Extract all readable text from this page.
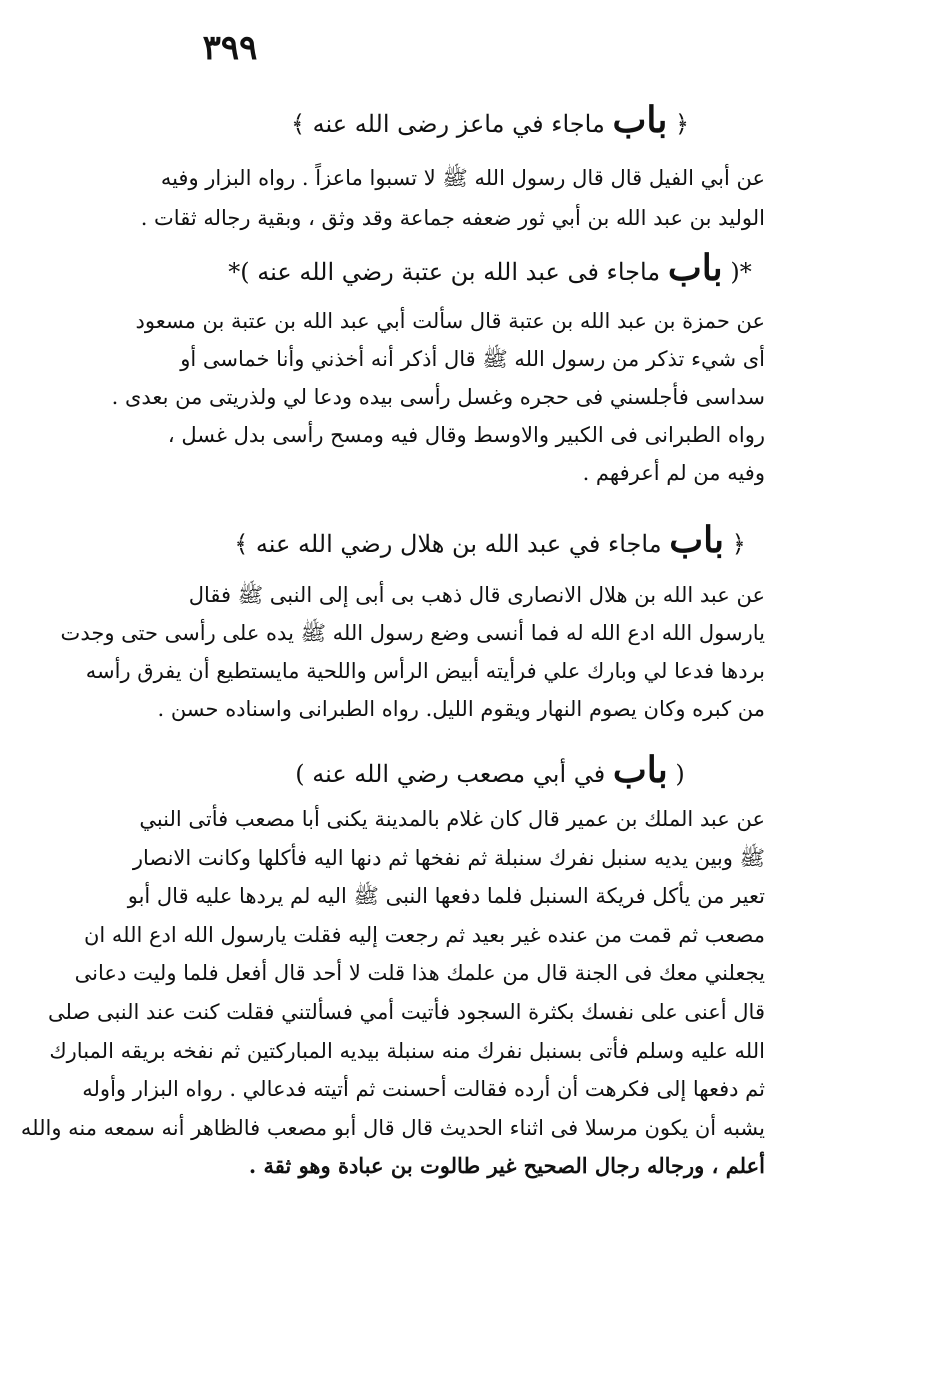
٣٩٩
﴿ باب ماجاء في ماعز رضى الله عنه ﴾
عن أبي الفيل قال قال رسول الله ﷺ لا تسبوا ماعزاً . رواه البزار وفيه
الوليد بن عبد الله بن أبي ثور ضعفه جماعة وقد وثق ، وبقية رجاله ثقات .
*( باب ماجاء فى عبد الله بن عتبة رضي الله عنه )*
عن حمزة بن عبد الله بن عتبة قال سألت أبي عبد الله بن عتبة بن مسعود
أى شيء تذكر من رسول الله ﷺ قال أذكر أنه أخذني وأنا خماسى أو
سداسى فأجلسني فى حجره وغسل رأسى بيده ودعا لي ولذريتى من بعدى .
رواه الطبرانى فى الكبير والاوسط وقال فيه ومسح رأسى بدل غسل ،
وفيه من لم أعرفهم .
﴿ باب ماجاء في عبد الله بن هلال رضي الله عنه ﴾
عن عبد الله بن هلال الانصارى قال ذهب بى أبى إلى النبى ﷺ فقال
يارسول الله ادع الله له فما أنسى وضع رسول الله ﷺ يده على رأسى حتى وجدت
بردها فدعا لي وبارك علي فرأيته أبيض الرأس واللحية مايستطيع أن يفرق رأسه
من كبره وكان يصوم النهار ويقوم الليل. رواه الطبرانى واسناده حسن .
( باب في أبي مصعب رضي الله عنه )
عن عبد الملك بن عمير قال كان غلام بالمدينة يكنى أبا مصعب فأتى النبي
ﷺ وبين يديه سنبل نفرك سنبلة ثم نفخها ثم دنها اليه فأكلها وكانت الانصار
تعير من يأكل فريكة السنبل فلما دفعها النبى ﷺ اليه لم يردها عليه قال أبو
مصعب ثم قمت من عنده غير بعيد ثم رجعت إليه فقلت يارسول الله ادع الله ان
يجعلني معك فى الجنة قال من علمك هذا قلت لا أحد قال أفعل فلما وليت دعانى
قال أعنى على نفسك بكثرة السجود فأتيت أمي فسألتني فقلت كنت عند النبى صلى
الله عليه وسلم فأتى بسنبل نفرك منه سنبلة بيديه المباركتين ثم نفخه بريقه المبارك
ثم دفعها إلى فكرهت أن أرده فقالت أحسنت ثم أتيته فدعالي . رواه البزار وأوله
يشبه أن يكون مرسلا فى اثناء الحديث قال قال أبو مصعب فالظاهر أنه سمعه منه والله
أعلم ، ورجاله رجال الصحيح غير طالوت بن عبادة وهو ثقة .
